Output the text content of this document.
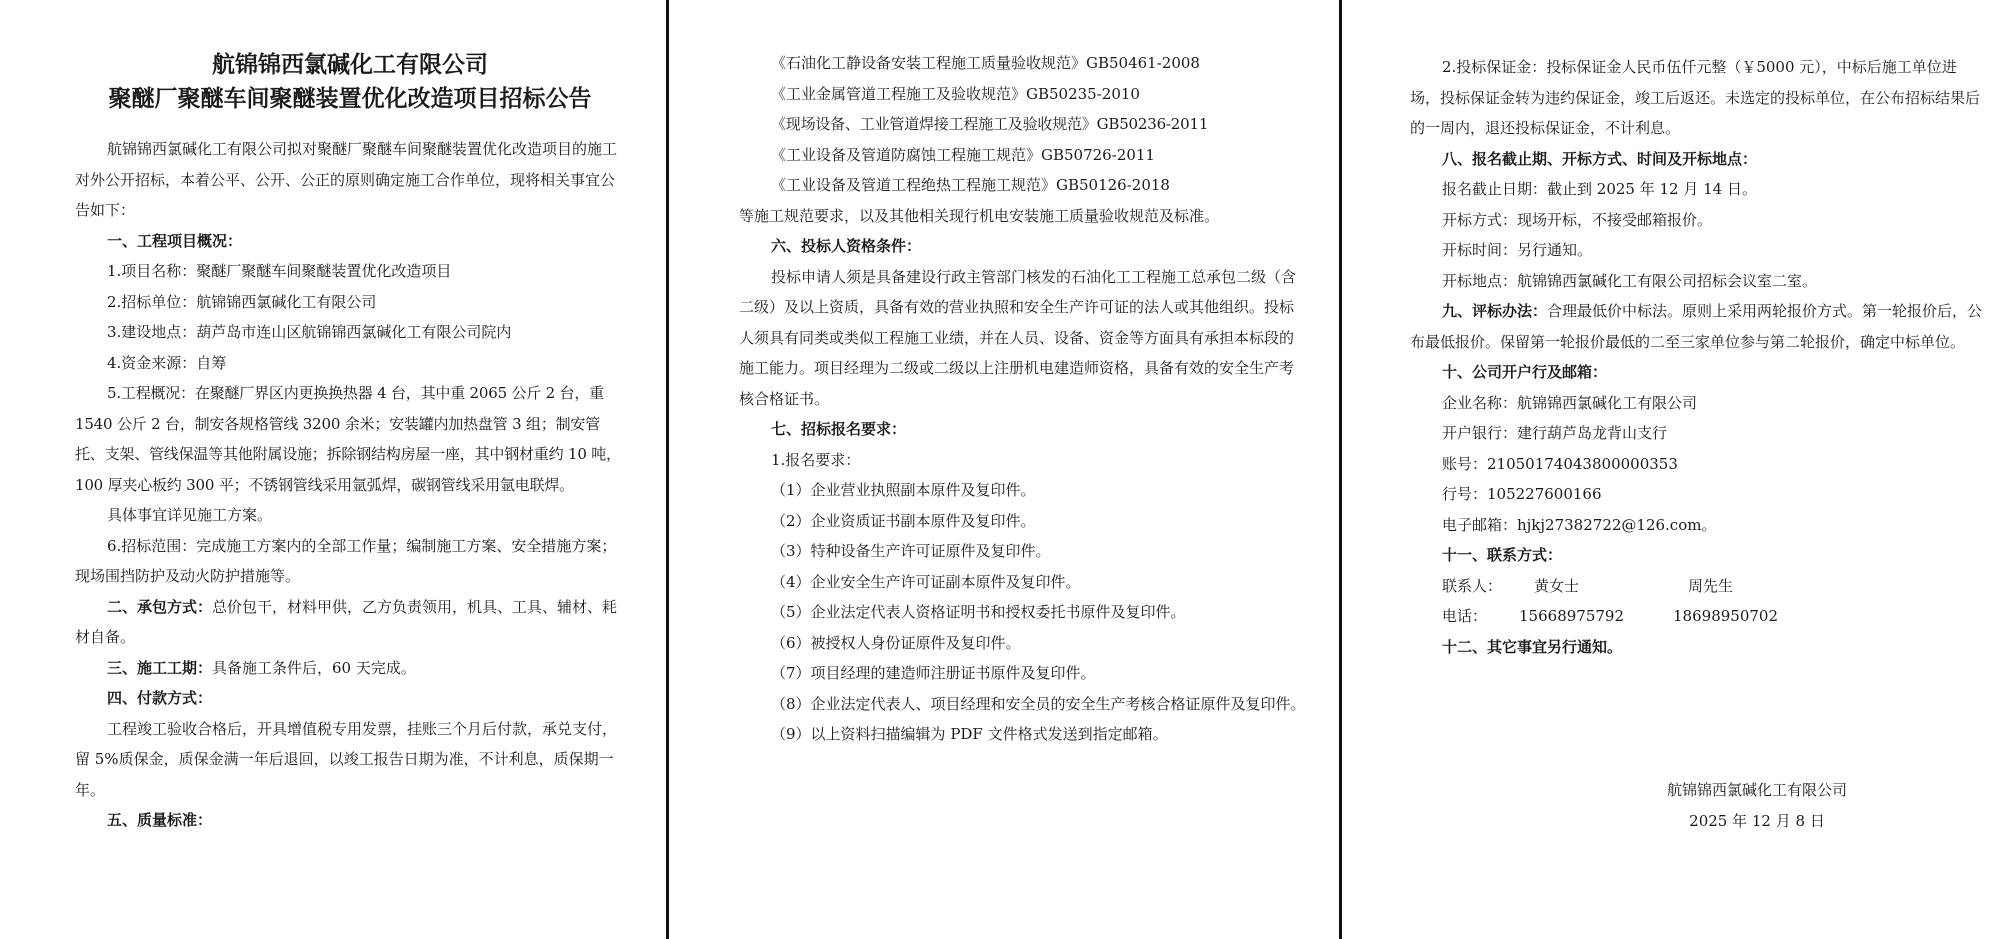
航锦锦西氯碱化工有限公司
聚醚厂聚醚车间聚醚装置优化改造项目招标公告

航锦锦西氯碱化工有限公司拟对聚醚厂聚醚车间聚醚装置优化改造项目的施工对外公开招标，本着公平、公开、公正的原则确定施工合作单位，现将相关事宜公告如下：

一、工程项目概况：

1.项目名称：聚醚厂聚醚车间聚醚装置优化改造项目

2.招标单位：航锦锦西氯碱化工有限公司

3.建设地点：葫芦岛市连山区航锦锦西氯碱化工有限公司院内

4.资金来源：自筹

5.工程概况：在聚醚厂界区内更换换热器 4 台，其中重 2065 公斤 2 台，重 1540 公斤 2 台，制安各规格管线 3200 余米；安装罐内加热盘管 3 组；制安管托、支架、管线保温等其他附属设施；拆除钢结构房屋一座，其中钢材重约 10 吨，100 厚夹心板约 300 平；不锈钢管线采用氩弧焊，碳钢管线采用氩电联焊。

具体事宜详见施工方案。

6.招标范围：完成施工方案内的全部工作量；编制施工方案、安全措施方案；现场围挡防护及动火防护措施等。

二、承包方式：总价包干，材料甲供，乙方负责领用，机具、工具、辅材、耗材自备。

三、施工工期：具备施工条件后，60 天完成。

四、付款方式：

工程竣工验收合格后，开具增值税专用发票，挂账三个月后付款，承兑支付，留 5%质保金，质保金满一年后退回，以竣工报告日期为准，不计利息，质保期一年。

五、质量标准：

《石油化工静设备安装工程施工质量验收规范》GB50461-2008

《工业金属管道工程施工及验收规范》GB50235-2010

《现场设备、工业管道焊接工程施工及验收规范》GB50236-2011

《工业设备及管道防腐蚀工程施工规范》GB50726-2011

《工业设备及管道工程绝热工程施工规范》GB50126-2018

等施工规范要求，以及其他相关现行机电安装施工质量验收规范及标准。

六、投标人资格条件：

投标申请人须是具备建设行政主管部门核发的石油化工工程施工总承包二级（含二级）及以上资质，具备有效的营业执照和安全生产许可证的法人或其他组织。投标人须具有同类或类似工程施工业绩，并在人员、设备、资金等方面具有承担本标段的施工能力。项目经理为二级或二级以上注册机电建造师资格，具备有效的安全生产考核合格证书。

七、招标报名要求：

1.报名要求：

（1）企业营业执照副本原件及复印件。

（2）企业资质证书副本原件及复印件。

（3）特种设备生产许可证原件及复印件。

（4）企业安全生产许可证副本原件及复印件。

（5）企业法定代表人资格证明书和授权委托书原件及复印件。

（6）被授权人身份证原件及复印件。

（7）项目经理的建造师注册证书原件及复印件。

（8）企业法定代表人、项目经理和安全员的安全生产考核合格证原件及复印件。

（9）以上资料扫描编辑为 PDF 文件格式发送到指定邮箱。

2.投标保证金：投标保证金人民币伍仟元整（￥5000 元），中标后施工单位进场，投标保证金转为违约保证金，竣工后返还。未选定的投标单位，在公布招标结果后的一周内，退还投标保证金，不计利息。

八、报名截止期、开标方式、时间及开标地点：

报名截止日期：截止到 2025 年 12 月 14 日。

开标方式：现场开标，不接受邮箱报价。

开标时间：另行通知。

开标地点：航锦锦西氯碱化工有限公司招标会议室二室。

九、评标办法：合理最低价中标法。原则上采用两轮报价方式。第一轮报价后，公布最低报价。保留第一轮报价最低的二至三家单位参与第二轮报价，确定中标单位。

十、公司开户行及邮箱：

企业名称：航锦锦西氯碱化工有限公司

开户银行：建行葫芦岛龙背山支行

账号：21050174043800000353

行号：105227600166

电子邮箱：hjkj27382722@126.com。

十一、联系方式：

联系人： 黄女士	周先生

电话： 15668975792	18698950702

十二、其它事宜另行通知。

航锦锦西氯碱化工有限公司
2025 年 12 月 8 日
